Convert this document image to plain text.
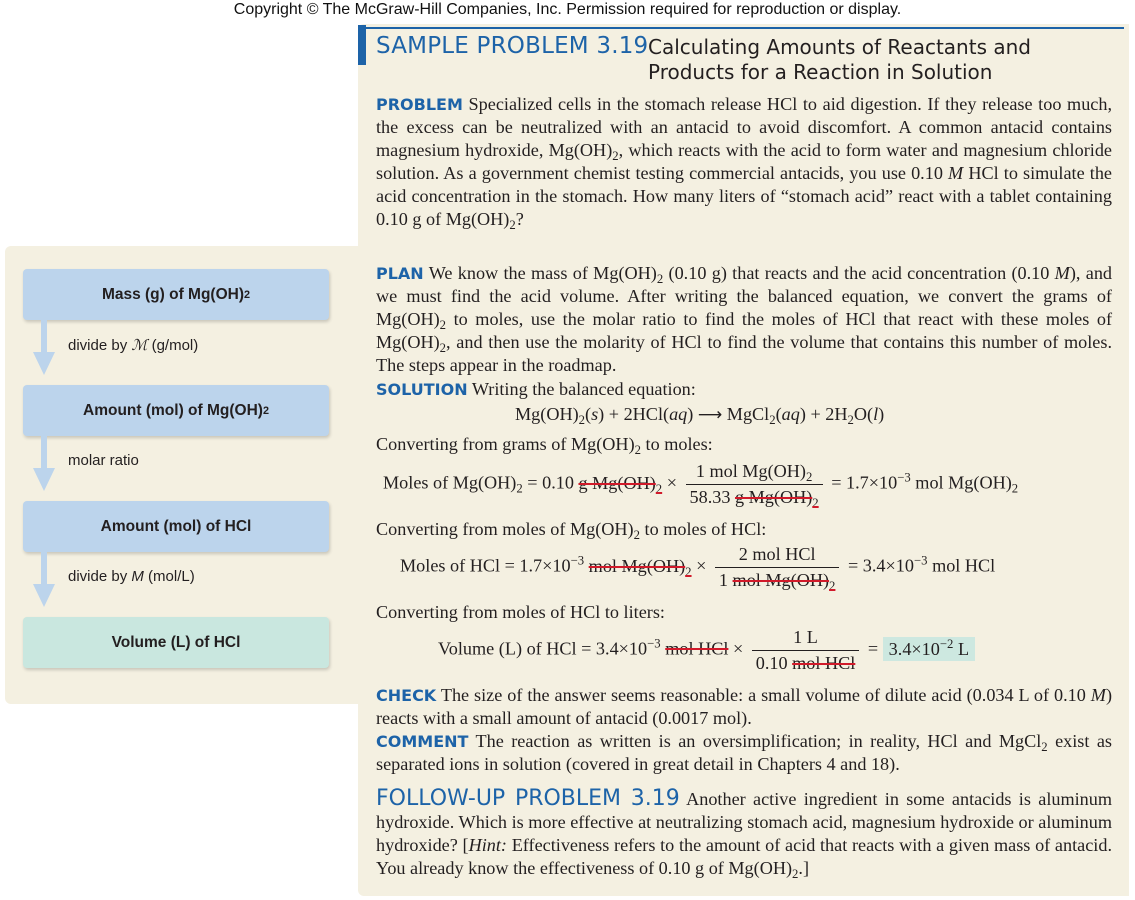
Copyright © The McGraw-Hill Companies, Inc. Permission required for reproduction or display.
SAMPLE PROBLEM 3.19 Calculating Amounts of Reactants and
Products for a Reaction in Solution
PROBLEM Specialized cells in the stomach release HCl to aid digestion. If they release too much, the excess can be neutralized with an antacid to avoid discomfort. A common antacid contains magnesium hydroxide, $Mg(OH)_2$, which reacts with the acid to form water and magnesium chloride solution. As a government chemist testing commercial antacids, you use 0.10 M HCl to simulate the acid concentration in the stomach. How many liters of “stomach acid” react with a tablet containing 0.10 g of $Mg(OH)_2$?
PLAN We know the mass of $Mg(OH)_2$ (0.10 g) that reacts and the acid concentration (0.10 M), and we must find the acid volume. After writing the balanced equation, we convert the grams of $Mg(OH)_2$ to moles, use the molar ratio to find the moles of HCl that react with these moles of $Mg(OH)_2$, and then use the molarity of HCl to find the volume that contains this number of moles. The steps appear in the roadmap.
SOLUTION Writing the balanced equation:
$Mg(OH)_2(s) + 2HCl(aq)$ ⟶ MgCl$_2$(aq) + $2H_2O(l)$
Converting from grams of $Mg(OH)_2$ to moles:
Moles of $Mg(OH)_2 = 0.10$ g $Mg(OH)_2 \times \frac{1 mol Mg(OH)_2}{58.33 g Mg(OH)_2} = 1.7\times 10^{-3}$ mol $Mg(OH)_2$
Converting from moles of $Mg(OH)_2$ to moles of HCl:
Moles of HCl = $1.7\times 10^{-3}$ mol $Mg(OH)_2 \times \frac{\text{2 mol HCl}}{1 mol Mg(OH)_2} = 3.4\times 10^{-3}$ mol HCl
Converting from moles of HCl to liters:
Volume (L) of HCl = $3.4\times 10^{-3}$ mol HCl × $\frac{1 L}{\text{0.10 mol HCl}} = 3.4\times 10^{-2}$ L
CHECK The size of the answer seems reasonable: a small volume of dilute acid (0.034 L of 0.10 M) reacts with a small amount of antacid (0.0017 mol).
COMMENT The reaction as written is an oversimplification; in reality, HCl and MgCl$_2$ exist as separated ions in solution (covered in great detail in Chapters 4 and 18).
FOLLOW-UP PROBLEM 3.19 Another active ingredient in some antacids is aluminum hydroxide. Which is more effective at neutralizing stomach acid, magnesium hydroxide or aluminum hydroxide? [Hint: Effectiveness refers to the amount of acid that reacts with a given mass of antacid. You already know the effectiveness of 0.10 g of $Mg(OH)_2$.]
Mass (g) of Mg(OH) 2
divide by ℳ (g/mol)
Amount (mol) of Mg(OH) 2
molar ratio
Amount (mol) of HCl
divide by M (mol/L)
Volume (L) of HCl
